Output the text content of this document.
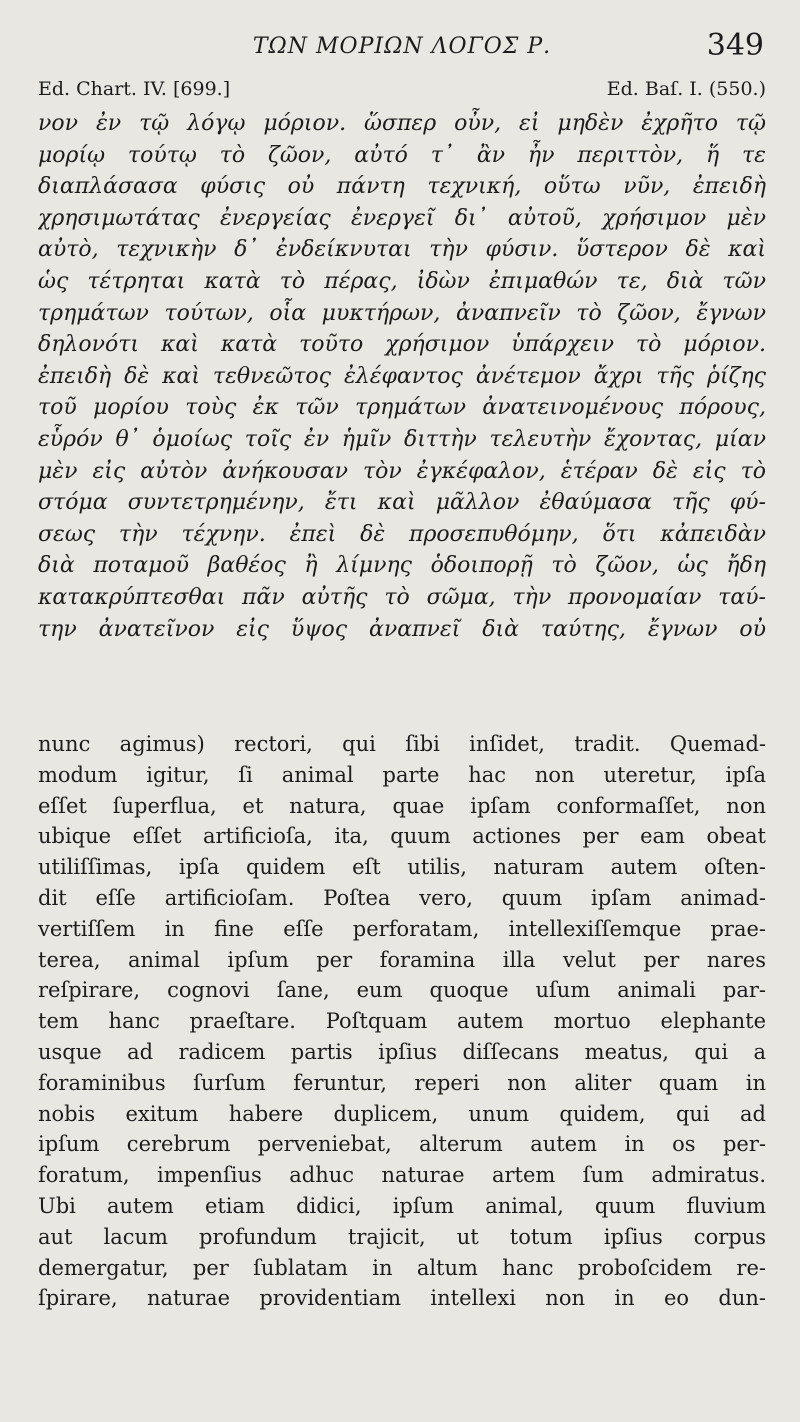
ΤΩΝ ΜΟΡΙΩΝ ΛΟΓΟΣ Ρ.	349
Ed. Chart. IV. [699.]	Ed. Baſ. I. (550.)
νον ἐν τῷ λόγῳ μόριον. ὥσπερ οὖν, εἰ μηδὲν ἐχρῆτο τῷ
μορίῳ τούτῳ τὸ ζῶον, αὐτό τ᾽ ἂν ἦν περιττὸν, ἥ τε
διαπλάσασα φύσις οὐ πάντη τεχνική, οὕτω νῦν, ἐπειδὴ
χρησιμωτάτας ἐνεργείας ἐνεργεῖ δι᾽ αὐτοῦ, χρήσιμον μὲν
αὐτὸ, τεχνικὴν δ᾽ ἐνδείκνυται τὴν φύσιν. ὕστερον δὲ καὶ
ὡς τέτρηται κατὰ τὸ πέρας, ἰδὼν ἐπιμαθών τε, διὰ τῶν
τρημάτων τούτων, οἷα μυκτήρων, ἀναπνεῖν τὸ ζῶον, ἔγνων
δηλονότι καὶ κατὰ τοῦτο χρήσιμον ὑπάρχειν τὸ μόριον.
ἐπειδὴ δὲ καὶ τεθνεῶτος ἐλέφαντος ἀνέτεμον ἄχρι τῆς ῥίζης
τοῦ μορίου τοὺς ἐκ τῶν τρημάτων ἀνατεινομένους πόρους,
εὗρόν θ᾽ ὁμοίως τοῖς ἐν ἡμῖν διττὴν τελευτὴν ἔχοντας, μίαν
μὲν εἰς αὐτὸν ἀνήκουσαν τὸν ἐγκέφαλον, ἑτέραν δὲ εἰς τὸ
στόμα συντετρημένην, ἔτι καὶ μᾶλλον ἐθαύμασα τῆς φύ-
σεως τὴν τέχνην. ἐπεὶ δὲ προσεπυθόμην, ὅτι κἀπειδὰν
διὰ ποταμοῦ βαθέος ἢ λίμνης ὁδοιπορῇ τὸ ζῶον, ὡς ἤδη
κατακρύπτεσθαι πᾶν αὐτῆς τὸ σῶμα, τὴν προνομαίαν ταύ-
την ἀνατεῖνον εἰς ὕψος ἀναπνεῖ διὰ ταύτης, ἔγνων οὐ
nunc agimus) rectori, qui ſibi inſidet, tradit. Quemad-
modum igitur, ſi animal parte hac non uteretur, ipſa
eſſet ſuperflua, et natura, quae ipſam conformaſſet, non
ubique eſſet artificioſa, ita, quum actiones per eam obeat
utiliſſimas, ipſa quidem eſt utilis, naturam autem oſten-
dit eſſe artificioſam. Poſtea vero, quum ipſam animad-
vertiſſem in fine eſſe perforatam, intellexiſſemque prae-
terea, animal ipſum per foramina illa velut per nares
reſpirare, cognovi ſane, eum quoque uſum animali par-
tem hanc praeſtare. Poſtquam autem mortuo elephante
usque ad radicem partis ipſius diſſecans meatus, qui a
foraminibus ſurſum feruntur, reperi non aliter quam in
nobis exitum habere duplicem, unum quidem, qui ad
ipſum cerebrum perveniebat, alterum autem in os per-
foratum, impenſius adhuc naturae artem ſum admiratus.
Ubi autem etiam didici, ipſum animal, quum fluvium
aut lacum profundum trajicit, ut totum ipſius corpus
demergatur, per ſublatam in altum hanc proboſcidem re-
ſpirare, naturae providentiam intellexi non in eo dun-
